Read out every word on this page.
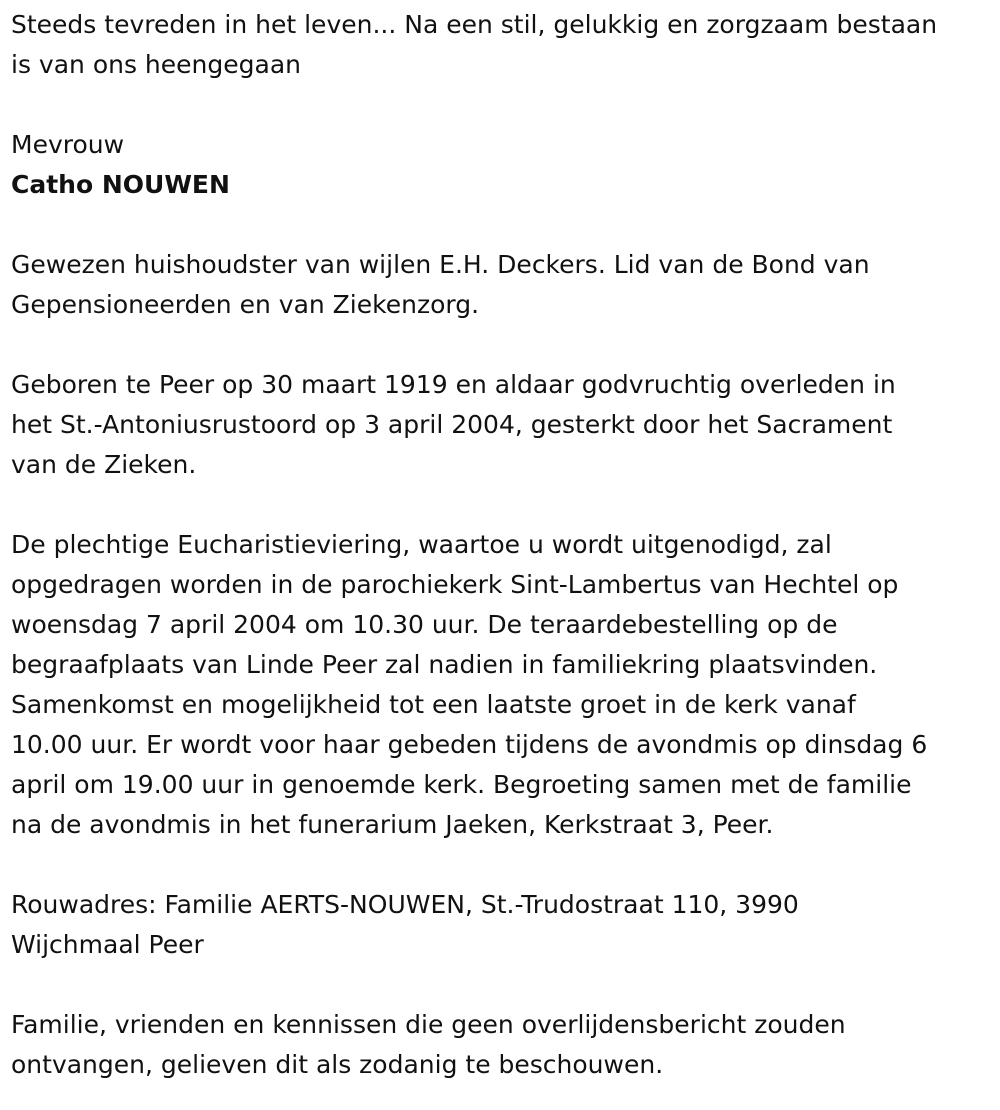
Steeds tevreden in het leven... Na een stil, gelukkig en zorgzaam bestaan
is van ons heengegaan

Mevrouw

Catho NOUWEN

Gewezen huishoudster van wijlen E.H. Deckers. Lid van de Bond van
Gepensioneerden en van Ziekenzorg.

Geboren te Peer op 30 maart 1919 en aldaar godvruchtig overleden in
het St.-Antoniusrustoord op 3 april 2004, gesterkt door het Sacrament
van de Zieken.

De plechtige Eucharistieviering, waartoe u wordt uitgenodigd, zal
opgedragen worden in de parochiekerk Sint-Lambertus van Hechtel op
woensdag 7 april 2004 om 10.30 uur. De teraardebestelling op de
begraafplaats van Linde Peer zal nadien in familiekring plaatsvinden.
Samenkomst en mogelijkheid tot een laatste groet in de kerk vanaf
10.00 uur. Er wordt voor haar gebeden tijdens de avondmis op dinsdag 6
april om 19.00 uur in genoemde kerk. Begroeting samen met de familie
na de avondmis in het funerarium Jaeken, Kerkstraat 3, Peer.

Rouwadres: Familie AERTS-NOUWEN, St.-Trudostraat 110, 3990
Wijchmaal Peer

Familie, vrienden en kennissen die geen overlijdensbericht zouden
ontvangen, gelieven dit als zodanig te beschouwen.
